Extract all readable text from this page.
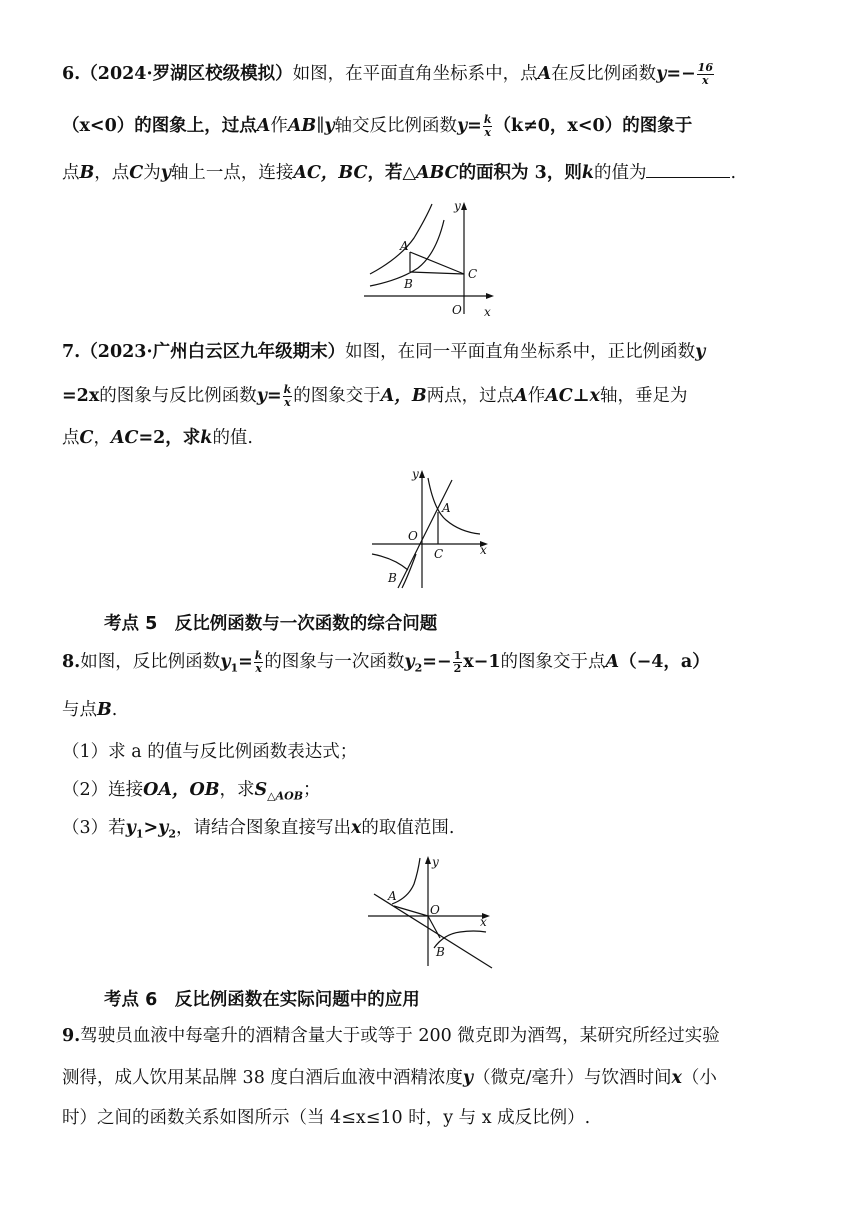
6.（2024·罗湖区校级模拟）如图，在平面直角坐标系中，点A在反比例函数$y=- \frac{16}{x}$
（x<0）的图象上，过点A作AB∥y轴交反比例函数$y= \frac{k}{x} (k\ne 0$，x<0）的图象于
点B，点C为y轴上一点，连接AC，BC，若△ABC的面积为 3，则k的值为	.
A
B
C
O x
y
7.（2023·广州白云区九年级期末）如图，在同一平面直角坐标系中，正比例函数y
=2x的图象与反比例函数$y= \frac{k}{x}$ 的图象交于A，B两点，过点A作AC⊥x轴，垂足为
点C，AC=2，求k的值.
A
B
C
O
x
y
考点 5　反比例函数与一次函数的综合问题
8.如图，反比例函数$y_1= \frac{k}{x}$ 的图象与一次函数$y_2=- \frac{1}{2} x-1$的图象交于点A（−4，a）
与点B.
（1）求 a 的值与反比例函数表达式；
（2）连接OA，OB，求$S_{\triangle AOB}$；
（3）若$y_1>y_2$，请结合图象直接写出x的取值范围.
A
B
O
x
y
考点 6　反比例函数在实际问题中的应用
9.驾驶员血液中每毫升的酒精含量大于或等于 200 微克即为酒驾，某研究所经过实验
测得，成人饮用某品牌 38 度白酒后血液中酒精浓度y（微克/毫升）与饮酒时间x（小
时）之间的函数关系如图所示（当 4≤x≤10 时，y 与 x 成反比例）.
